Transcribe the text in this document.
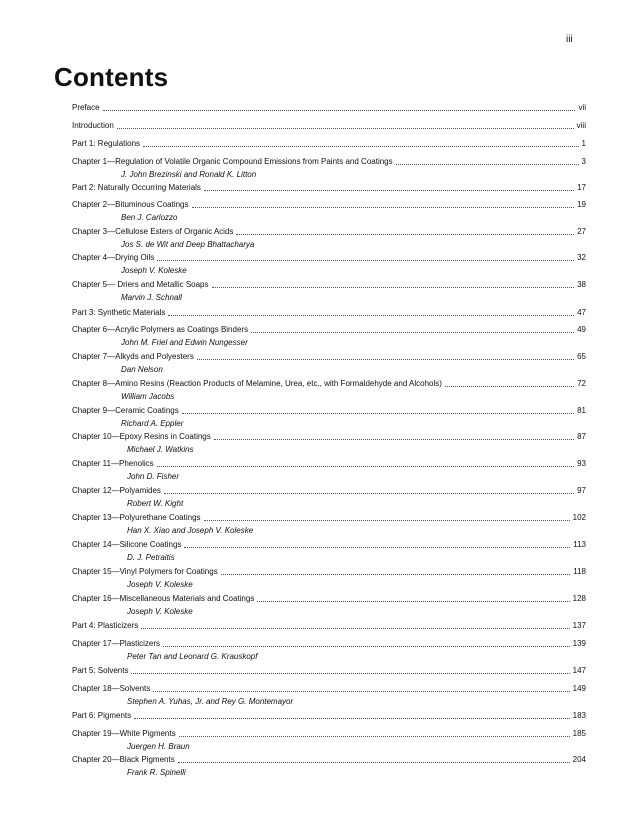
iii
Contents
Preface	vii
Introduction	viii
Part 1: Regulations	1
Chapter 1—Regulation of Volatile Organic Compound Emissions from Paints and Coatings	3
J. John Brezinski and Ronald K. Litton
Part 2: Naturally Occurring Materials	17
Chapter 2—Bituminous Coatings	19
Ben J. Carlozzo
Chapter 3—Cellulose Esters of Organic Acids	27
Jos S. de Wit and Deep Bhattacharya
Chapter 4—Drying Oils	32
Joseph V. Koleske
Chapter 5— Driers and Metallic Soaps	38
Marvin J. Schnall
Part 3: Synthetic Materials	47
Chapter 6—Acrylic Polymers as Coatings Binders	49
John M. Friel and Edwin Nungesser
Chapter 7—Alkyds and Polyesters	65
Dan Nelson
Chapter 8—Amino Resins (Reaction Products of Melamine, Urea, etc., with Formaldehyde and Alcohols)	72
William Jacobs
Chapter 9—Ceramic Coatings	81
Richard A. Eppler
Chapter 10—Epoxy Resins in Coatings	87
Michael J. Watkins
Chapter 11—Phenolics	93
John D. Fisher
Chapter 12—Polyamides	97
Robert W. Kight
Chapter 13—Polyurethane Coatings	102
Han X. Xiao and Joseph V. Koleske
Chapter 14—Silicone Coatings	113
D. J. Petraitis
Chapter 15—Vinyl Polymers for Coatings	118
Joseph V. Koleske
Chapter 16—Miscellaneous Materials and Coatings	128
Joseph V. Koleske
Part 4: Plasticizers	137
Chapter 17—Plasticizers	139
Peter Tan and Leonard G. Krauskopf
Part 5: Solvents	147
Chapter 18—Solvents	149
Stephen A. Yuhas, Jr. and Rey G. Montemayor
Part 6: Pigments	183
Chapter 19—White Pigments	185
Juergen H. Braun
Chapter 20—Black Pigments	204
Frank R. Spinelli
